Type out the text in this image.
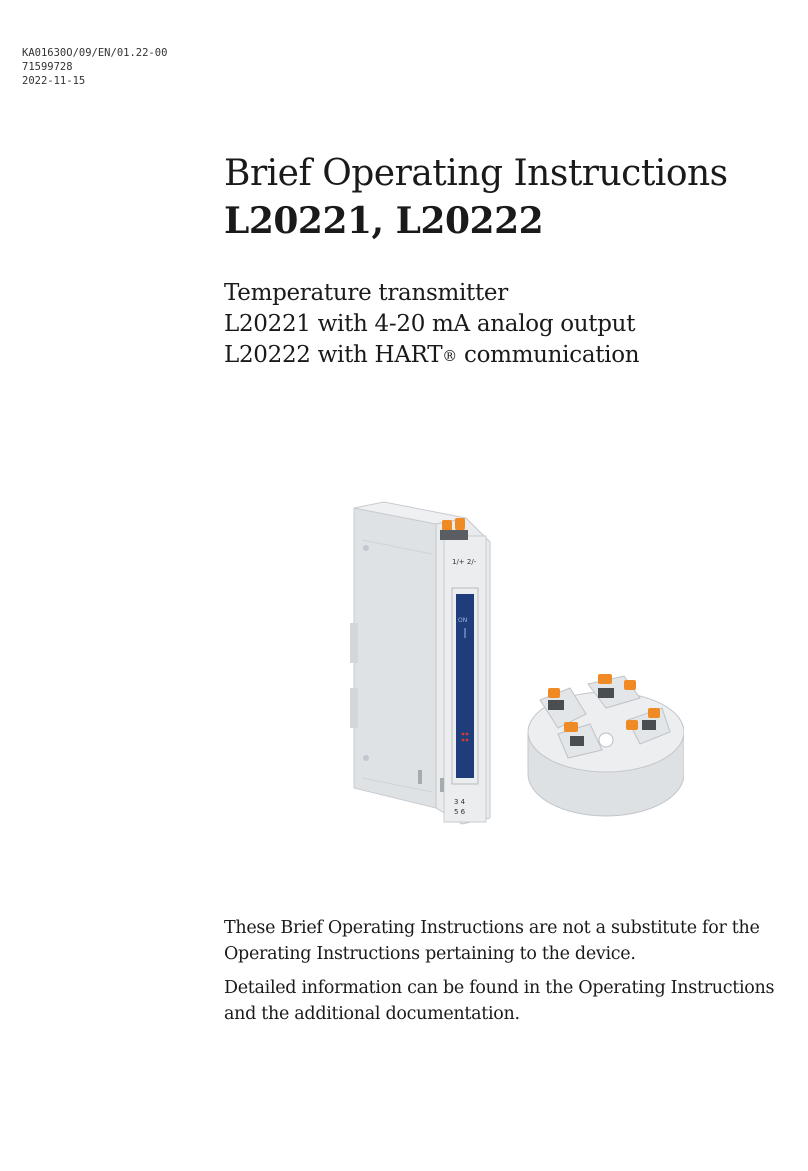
KA01630O/09/EN/01.22-00
71599728
2022-11-15
Brief Operating Instructions
L20221, L20222
Temperature transmitter
L20221 with 4-20 mA analog output
L20222 with HART® communication
1/+ 2/-
ON
3 4
5 6

These Brief Operating Instructions are not a substitute for the Operating Instructions pertaining to the device.

Detailed information can be found in the Operating Instructions and the additional documentation.
